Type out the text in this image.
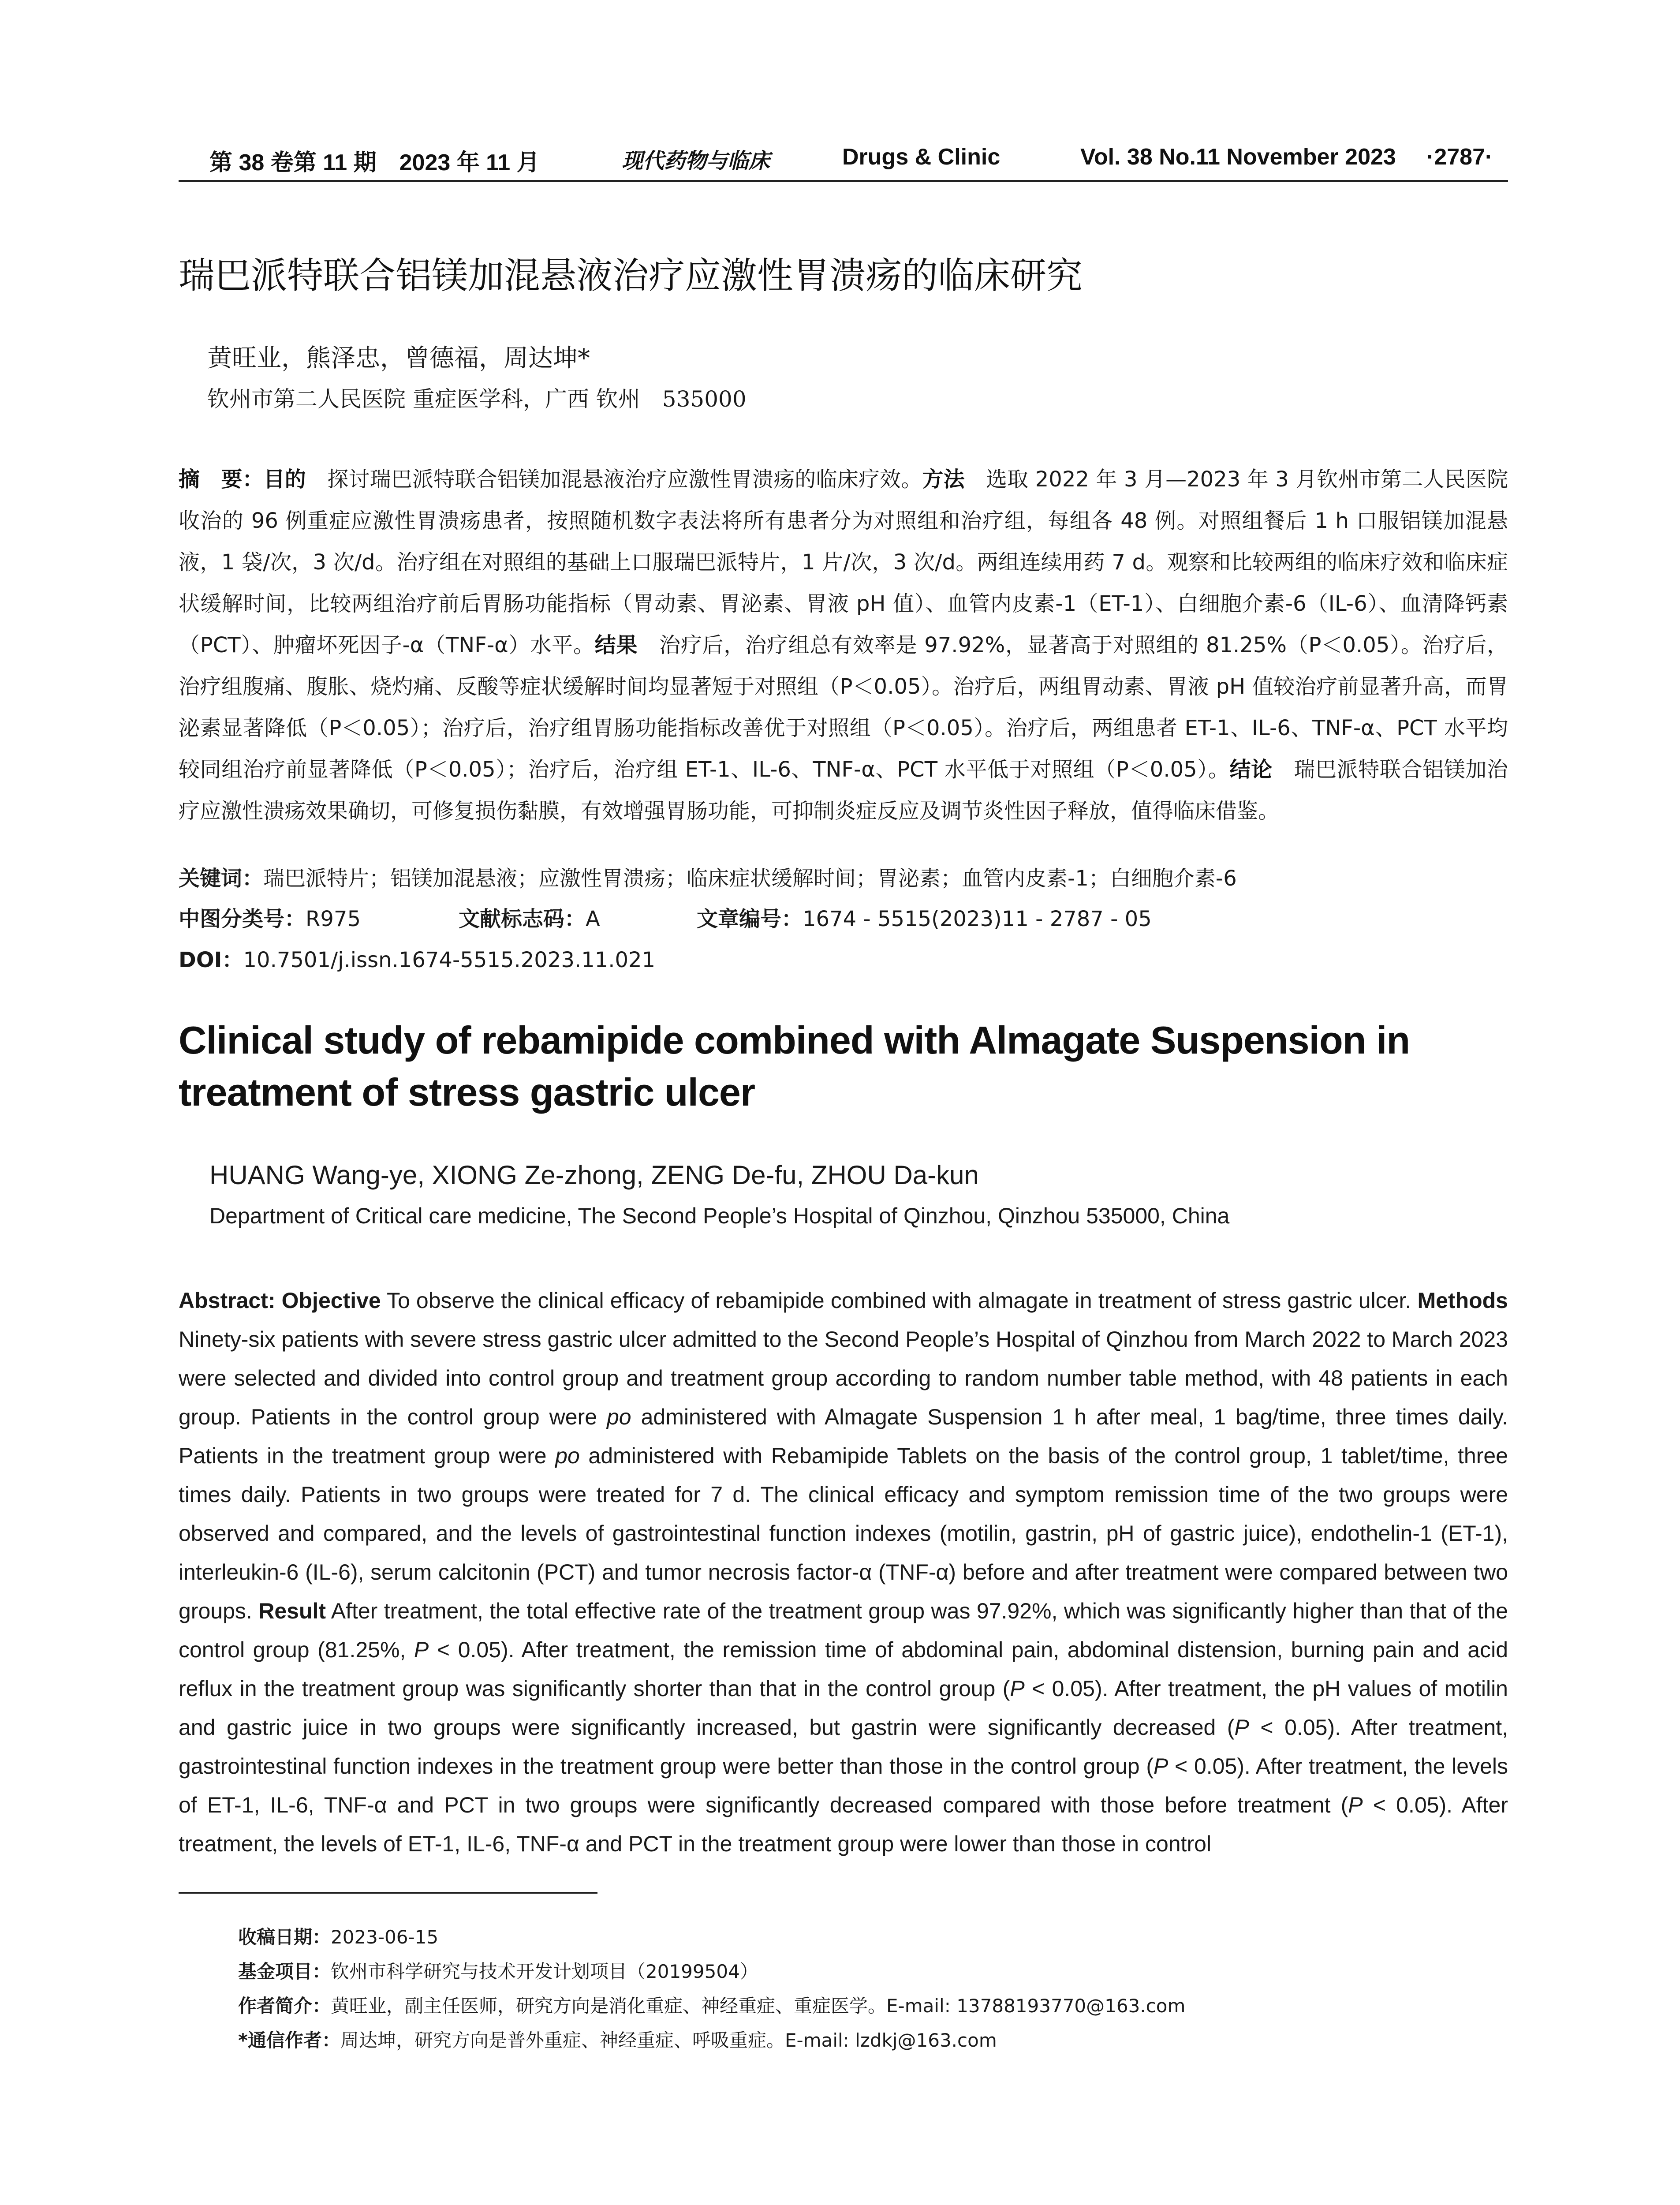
第 38 卷第 11 期　2023 年 11 月	现代药物与临床	Drugs & Clinic	Vol. 38 No.11 November 2023 ·2787·
瑞巴派特联合铝镁加混悬液治疗应激性胃溃疡的临床研究
黄旺业，熊泽忠，曾德福，周达坤*
钦州市第二人民医院 重症医学科，广西 钦州　535000
摘　要：目的　探讨瑞巴派特联合铝镁加混悬液治疗应激性胃溃疡的临床疗效。方法　选取 2022 年 3 月—2023 年 3 月钦州市第二人民医院收治的 96 例重症应激性胃溃疡患者，按照随机数字表法将所有患者分为对照组和治疗组，每组各 48 例。对照组餐后 1 h 口服铝镁加混悬液，1 袋/次，3 次/d。治疗组在对照组的基础上口服瑞巴派特片，1 片/次，3 次/d。两组连续用药 7 d。观察和比较两组的临床疗效和临床症状缓解时间，比较两组治疗前后胃肠功能指标（胃动素、胃泌素、胃液 pH 值）、血管内皮素-1（ET-1）、白细胞介素-6（IL-6）、血清降钙素（PCT）、肿瘤坏死因子-α（TNF-α）水平。结果　治疗后，治疗组总有效率是 97.92%，显著高于对照组的 81.25%（P＜0.05）。治疗后，治疗组腹痛、腹胀、烧灼痛、反酸等症状缓解时间均显著短于对照组（P＜0.05）。治疗后，两组胃动素、胃液 pH 值较治疗前显著升高，而胃泌素显著降低（P＜0.05）；治疗后，治疗组胃肠功能指标改善优于对照组（P＜0.05）。治疗后，两组患者 ET-1、IL-6、TNF-α、PCT 水平均较同组治疗前显著降低（P＜0.05）；治疗后，治疗组 ET-1、IL-6、TNF-α、PCT 水平低于对照组（P＜0.05）。结论　瑞巴派特联合铝镁加治疗应激性溃疡效果确切，可修复损伤黏膜，有效增强胃肠功能，可抑制炎症反应及调节炎性因子释放，值得临床借鉴。
关键词：瑞巴派特片；铝镁加混悬液；应激性胃溃疡；临床症状缓解时间；胃泌素；血管内皮素-1；白细胞介素-6
中图分类号：R975	文献标志码：A	文章编号：1674 - 5515(2023)11 - 2787 - 05
DOI：10.7501/j.issn.1674-5515.2023.11.021
Clinical study of rebamipide combined with Almagate Suspension in treatment of stress gastric ulcer
HUANG Wang-ye, XIONG Ze-zhong, ZENG De-fu, ZHOU Da-kun
Department of Critical care medicine, The Second People’s Hospital of Qinzhou, Qinzhou 535000, China
Abstract: Objective To observe the clinical efficacy of rebamipide combined with almagate in treatment of stress gastric ulcer. Methods Ninety-six patients with severe stress gastric ulcer admitted to the Second People’s Hospital of Qinzhou from March 2022 to March 2023 were selected and divided into control group and treatment group according to random number table method, with 48 patients in each group. Patients in the control group were po administered with Almagate Suspension 1 h after meal, 1 bag/time, three times daily. Patients in the treatment group were po administered with Rebamipide Tablets on the basis of the control group, 1 tablet/time, three times daily. Patients in two groups were treated for 7 d. The clinical efficacy and symptom remission time of the two groups were observed and compared, and the levels of gastrointestinal function indexes (motilin, gastrin, pH of gastric juice), endothelin-1 (ET-1), interleukin-6 (IL-6), serum calcitonin (PCT) and tumor necrosis factor-α (TNF-α) before and after treatment were compared between two groups. Result After treatment, the total effective rate of the treatment group was 97.92%, which was significantly higher than that of the control group (81.25%, P < 0.05). After treatment, the remission time of abdominal pain, abdominal distension, burning pain and acid reflux in the treatment group was significantly shorter than that in the control group (P < 0.05). After treatment, the pH values of motilin and gastric juice in two groups were significantly increased, but gastrin were significantly decreased (P < 0.05). After treatment, gastrointestinal function indexes in the treatment group were better than those in the control group (P < 0.05). After treatment, the levels of ET-1, IL-6, TNF-α and PCT in two groups were significantly decreased compared with those before treatment (P < 0.05). After treatment, the levels of ET-1, IL-6, TNF-α and PCT in the treatment group were lower than those in control
收稿日期：2023-06-15
基金项目：钦州市科学研究与技术开发计划项目（20199504）
作者简介：黄旺业，副主任医师，研究方向是消化重症、神经重症、重症医学。E-mail: 13788193770@163.com
*通信作者：周达坤，研究方向是普外重症、神经重症、呼吸重症。E-mail: lzdkj@163.com
